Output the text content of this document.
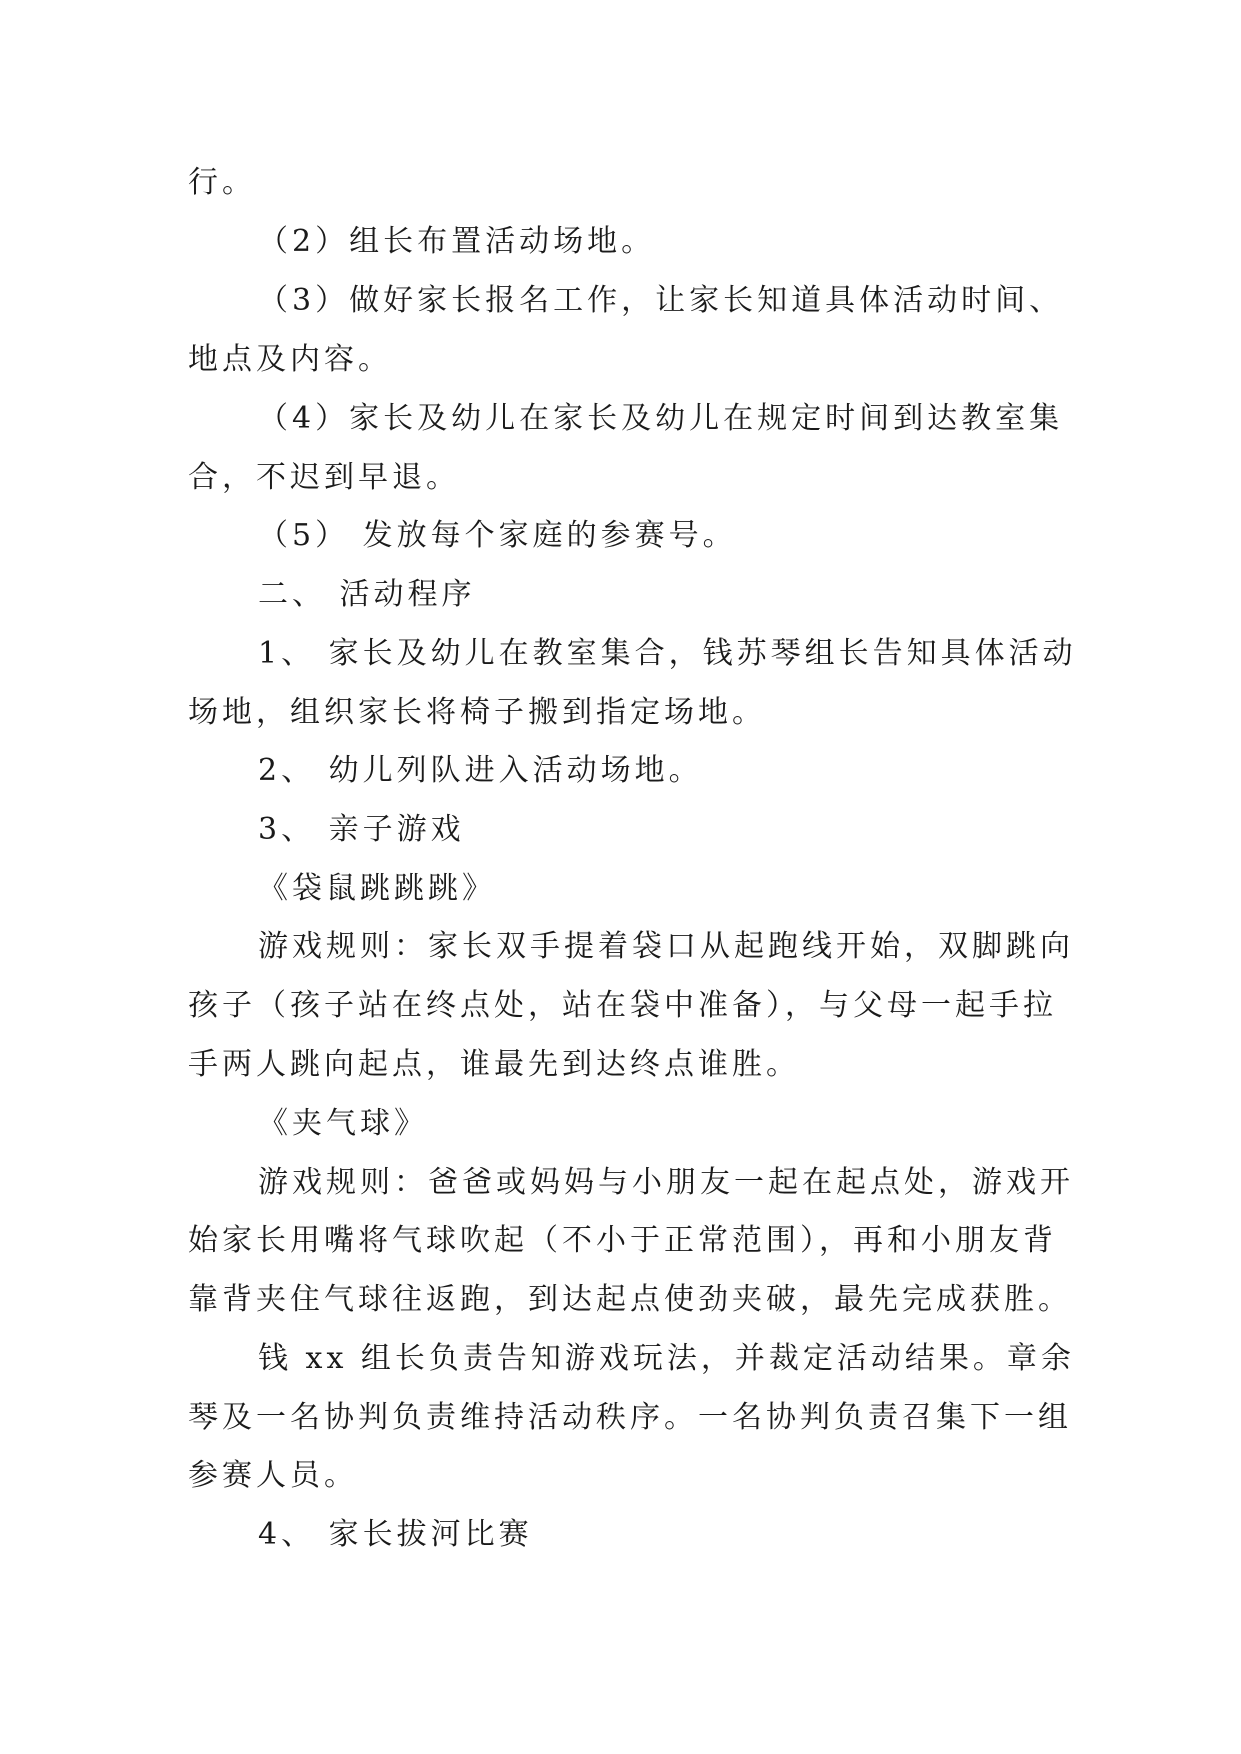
行。
（2）组长布置活动场地。
（3）做好家长报名工作，让家长知道具体活动时间、
地点及内容。
（4）家长及幼儿在家长及幼儿在规定时间到达教室集
合，不迟到早退。
（5） 发放每个家庭的参赛号。
二、 活动程序
1、 家长及幼儿在教室集合，钱苏琴组长告知具体活动
场地，组织家长将椅子搬到指定场地。
2、 幼儿列队进入活动场地。
3、 亲子游戏
《袋鼠跳跳跳》
游戏规则：家长双手提着袋口从起跑线开始，双脚跳向
孩子（孩子站在终点处，站在袋中准备），与父母一起手拉
手两人跳向起点，谁最先到达终点谁胜。
《夹气球》
游戏规则：爸爸或妈妈与小朋友一起在起点处，游戏开
始家长用嘴将气球吹起（不小于正常范围），再和小朋友背
靠背夹住气球往返跑，到达起点使劲夹破，最先完成获胜。
钱 xx 组长负责告知游戏玩法，并裁定活动结果。章余
琴及一名协判负责维持活动秩序。一名协判负责召集下一组
参赛人员。
4、 家长拔河比赛
